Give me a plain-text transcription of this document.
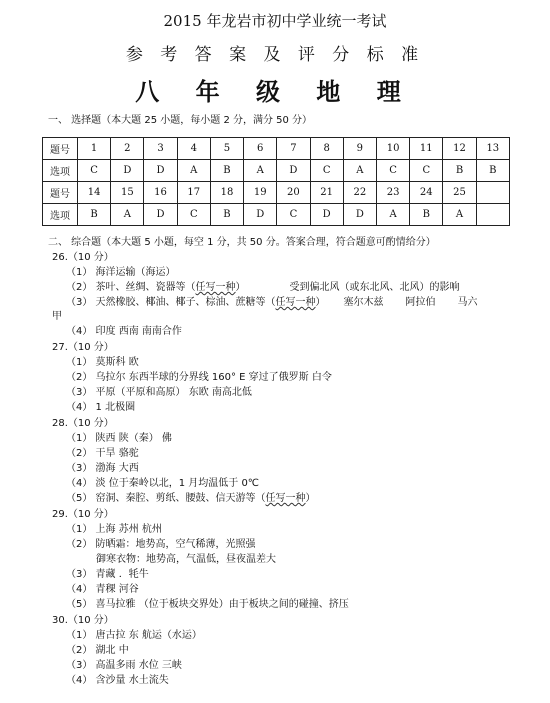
2015 年龙岩市初中学业统一考试
参 考 答 案 及 评 分 标 准
八 年 级 地 理
一、 选择题（本大题 25 小题，每小题 2 分，满分 50 分）
题号	1	2	3	4	5	6	7	8	9	10	11	12	13
选项	C	D	D	A	B	A	D	C	A	C	C	B	B
题号	14	15	16	17	18	19	20	21	22	23	24	25	
选项	B	A	D	C	B	D	C	D	D	A	B	A	
二、 综合题（本大题 5 小题，每空 1 分，共 50 分。答案合理，符合题意可酌情给分）
26.（10 分）
（1） 海洋运输（海运）
（2） 茶叶、丝绸、瓷器等（任写一种）	受到偏北风（或东北风、北风）的影响
（3） 天然橡胶、椰油、椰子、棕油、蔗糖等（任写一种） 塞尔木兹 阿拉伯 马六
甲
（4） 印度 西南 南南合作
27.（10 分）
（1） 莫斯科 欧
（2） 乌拉尔 东西半球的分界线 160° E 穿过了俄罗斯 白令
（3） 平原（平原和高原） 东欧 南高北低
（4） 1 北极圈
28.（10 分）
（1） 陕西 陕（秦） 佛
（2） 干旱 骆驼
（3） 渤海 大西
（4） 淡 位于秦岭以北，1 月均温低于 0℃
（5） 窑洞、秦腔、剪纸、腰鼓、信天游等（任写一种）
29.（10 分）
（1） 上海 苏州 杭州
（2） 防晒霜：地势高，空气稀薄，光照强
御寒衣物：地势高，气温低，昼夜温差大
（3） 青藏 ．牦牛
（4） 青稞 河谷
（5） 喜马拉雅 （位于板块交界处）由于板块之间的碰撞、挤压
30.（10 分）
（1） 唐古拉 东 航运（水运）
（2） 湖北 中
（3） 高温多雨 水位 三峡
（4） 含沙量 水土流失
